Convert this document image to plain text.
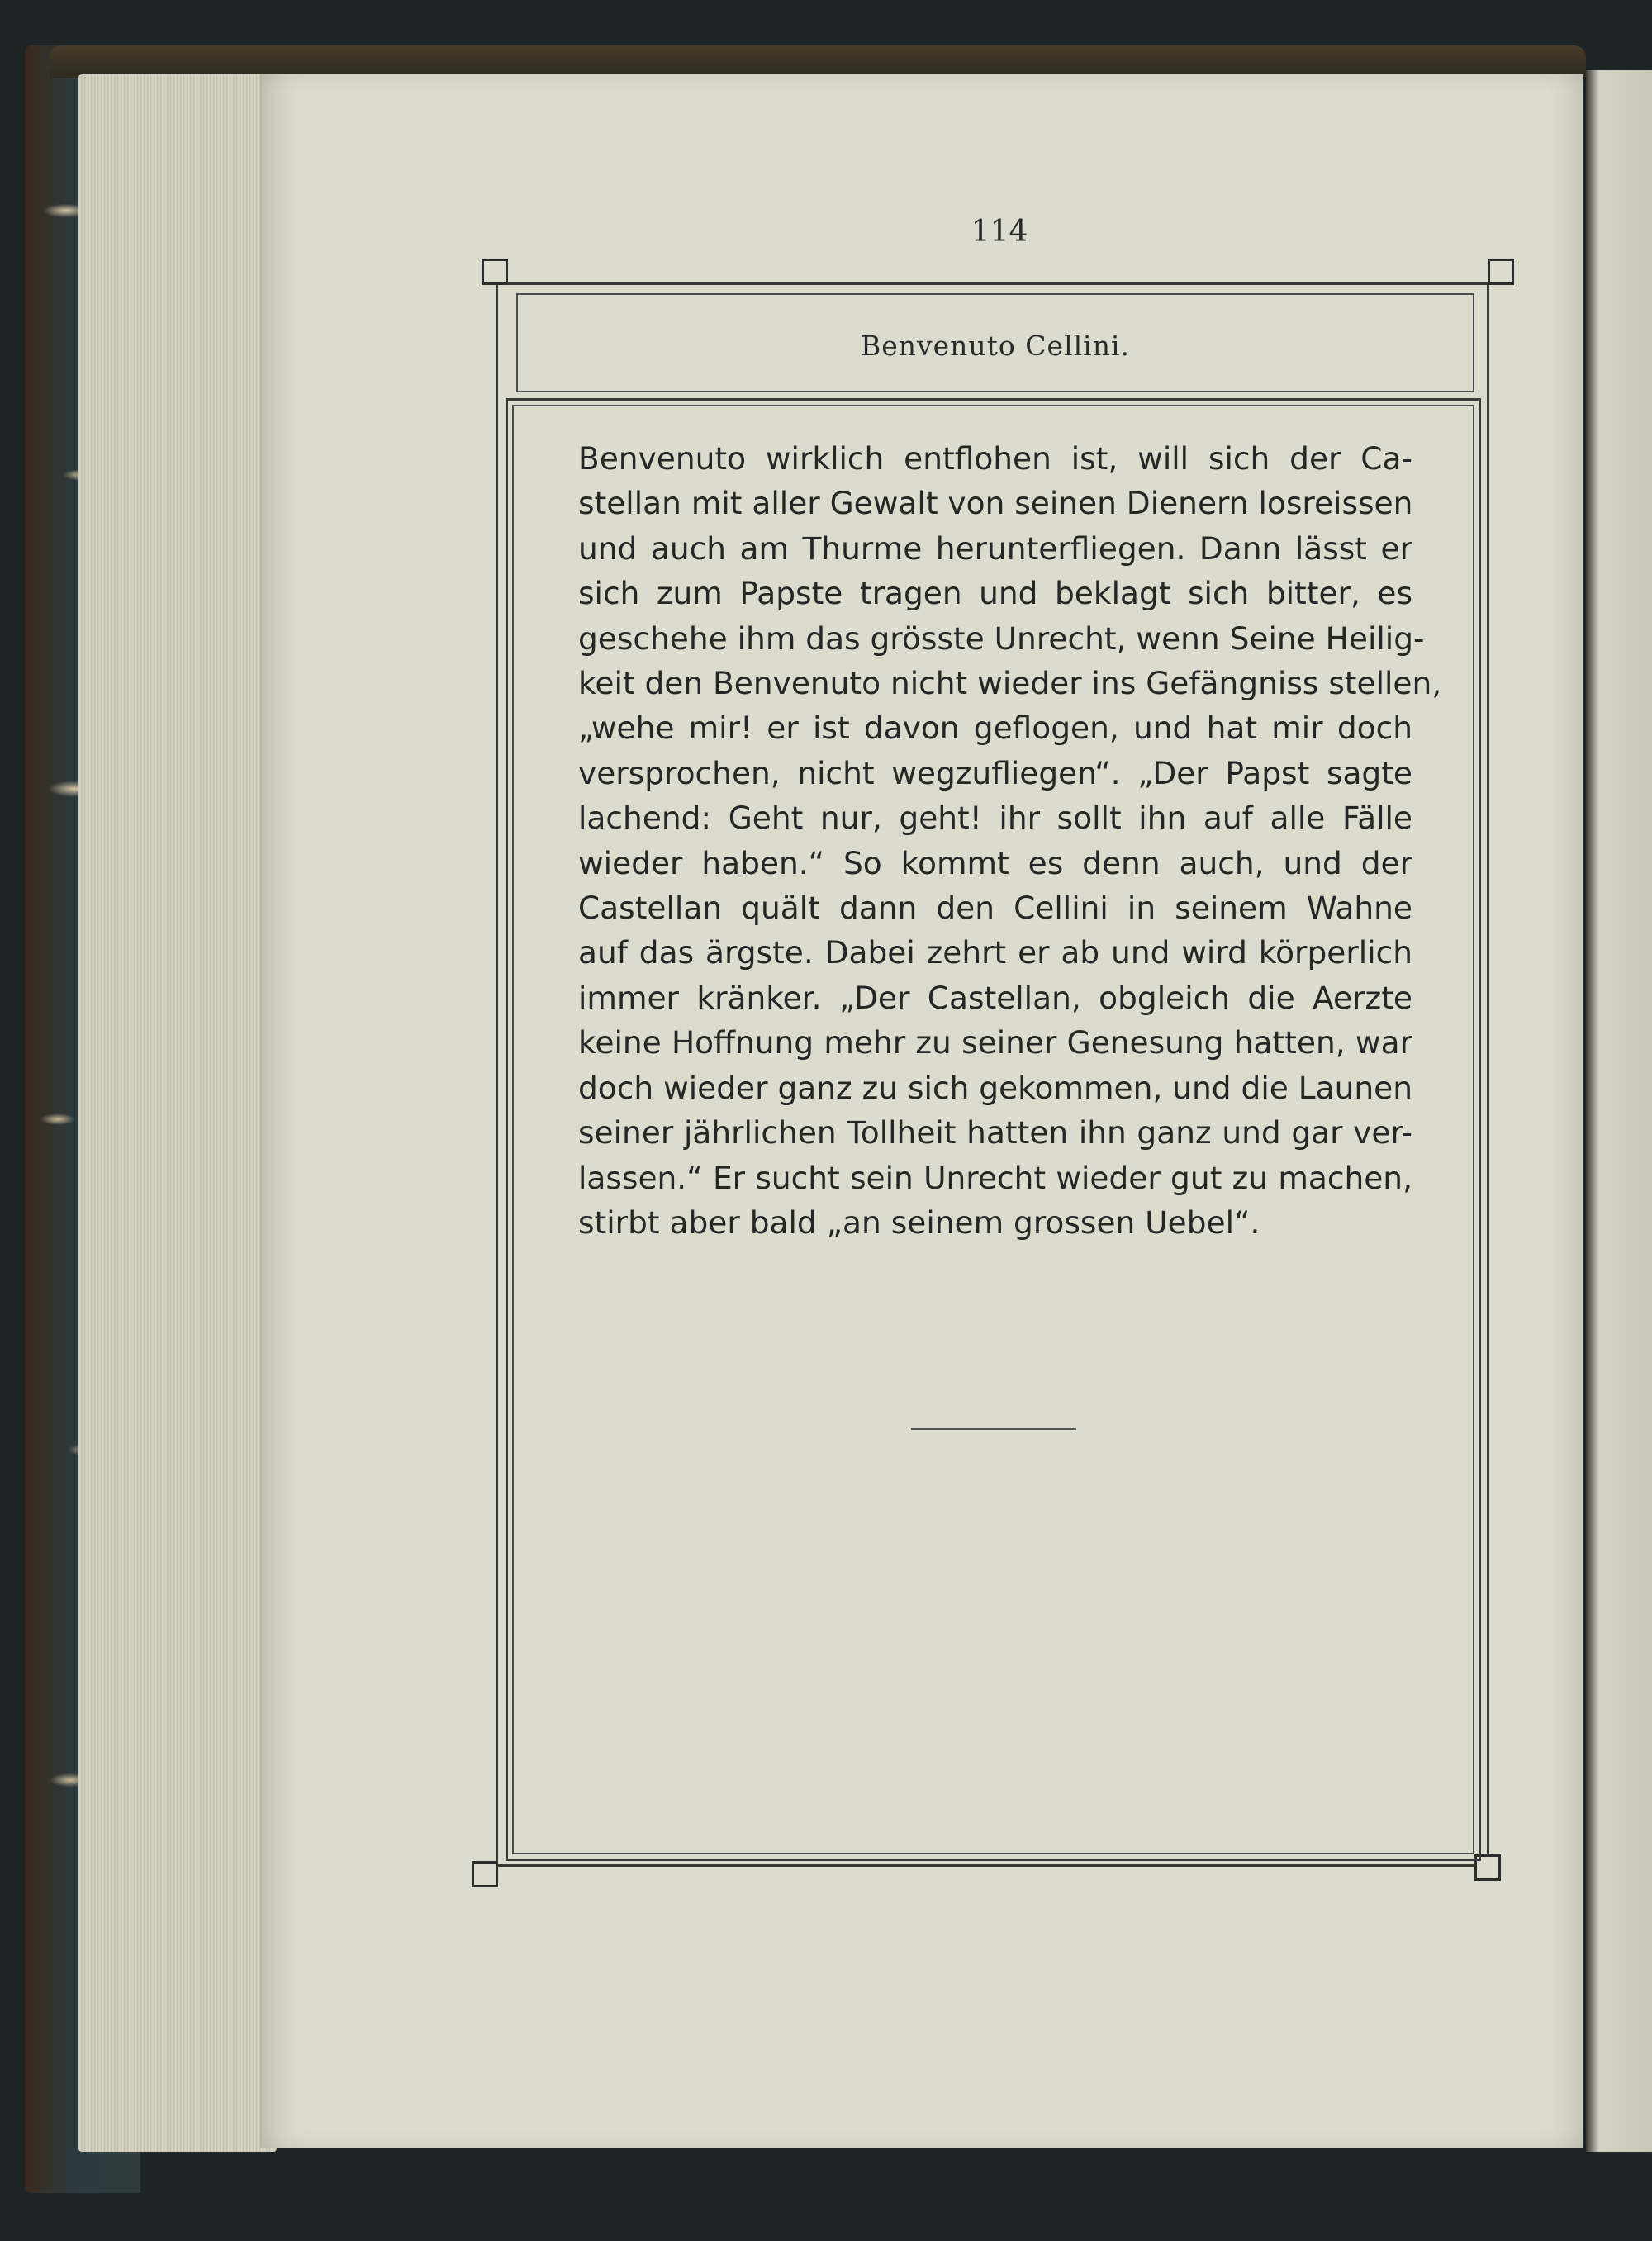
114
Benvenuto Cellini.
Benvenuto wirklich entflohen ist, will sich der Ca-
stellan mit aller Gewalt von seinen Dienern losreissen
und auch am Thurme herunterfliegen. Dann lässt er
sich zum Papste tragen und beklagt sich bitter, es
geschehe ihm das grösste Unrecht, wenn Seine Heilig-
keit den Benvenuto nicht wieder ins Gefängniss stellen,
„wehe mir! er ist davon geflogen, und hat mir doch
versprochen, nicht wegzufliegen“. „Der Papst sagte
lachend: Geht nur, geht! ihr sollt ihn auf alle Fälle
wieder haben.“ So kommt es denn auch, und der
Castellan quält dann den Cellini in seinem Wahne
auf das ärgste. Dabei zehrt er ab und wird körperlich
immer kränker. „Der Castellan, obgleich die Aerzte
keine Hoffnung mehr zu seiner Genesung hatten, war
doch wieder ganz zu sich gekommen, und die Launen
seiner jährlichen Tollheit hatten ihn ganz und gar ver-
lassen.“ Er sucht sein Unrecht wieder gut zu machen,
stirbt aber bald „an seinem grossen Uebel“.
